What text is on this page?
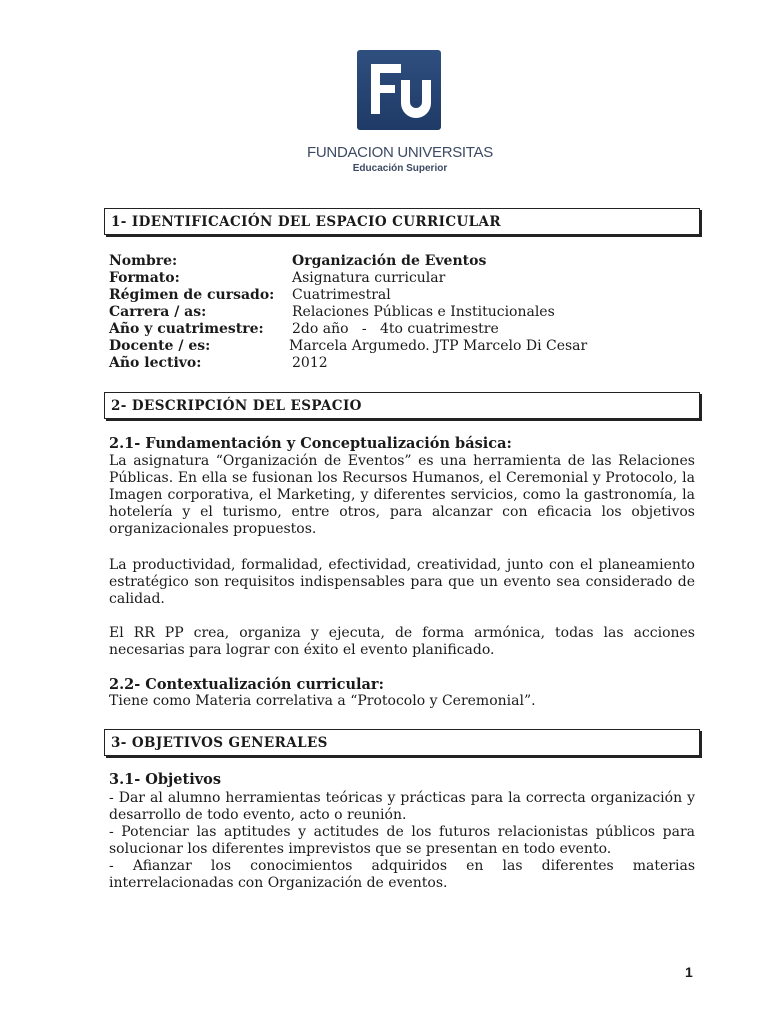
FUNDACION UNIVERSITAS
Educación Superior
1- IDENTIFICACIÓN DEL ESPACIO CURRICULAR
Nombre:	Organización de Eventos
Formato:	Asignatura curricular
Régimen de cursado: Cuatrimestral
Carrera / as:	Relaciones Públicas e Institucionales
Año y cuatrimestre: 2do año   -   4to cuatrimestre
Docente / es:	Marcela Argumedo. JTP Marcelo Di Cesar
Año lectivo:	2012
2- DESCRIPCIÓN DEL ESPACIO
2.1- Fundamentación y Conceptualización básica:
La asignatura “Organización de Eventos” es una herramienta de las Relaciones Públicas. En ella se fusionan los Recursos Humanos, el Ceremonial y Protocolo, la Imagen corporativa, el Marketing, y diferentes servicios, como la gastronomía, la hotelería y el turismo, entre otros, para alcanzar con eficacia los objetivos organizacionales propuestos.
La productividad, formalidad, efectividad, creatividad, junto con el planeamiento estratégico son requisitos indispensables para que un evento sea considerado de calidad.
El RR PP crea, organiza y ejecuta, de forma armónica, todas las acciones necesarias para lograr con éxito el evento planificado.
2.2- Contextualización curricular:
Tiene como Materia correlativa a “Protocolo y Ceremonial”.
3- OBJETIVOS GENERALES
3.1- Objetivos
- Dar al alumno herramientas teóricas y prácticas para la correcta organización y desarrollo de todo evento, acto o reunión.
- Potenciar las aptitudes y actitudes de los futuros relacionistas públicos para solucionar los diferentes imprevistos que se presentan en todo evento.
- Afianzar los conocimientos adquiridos en las diferentes materias interrelacionadas con Organización de eventos.
1
